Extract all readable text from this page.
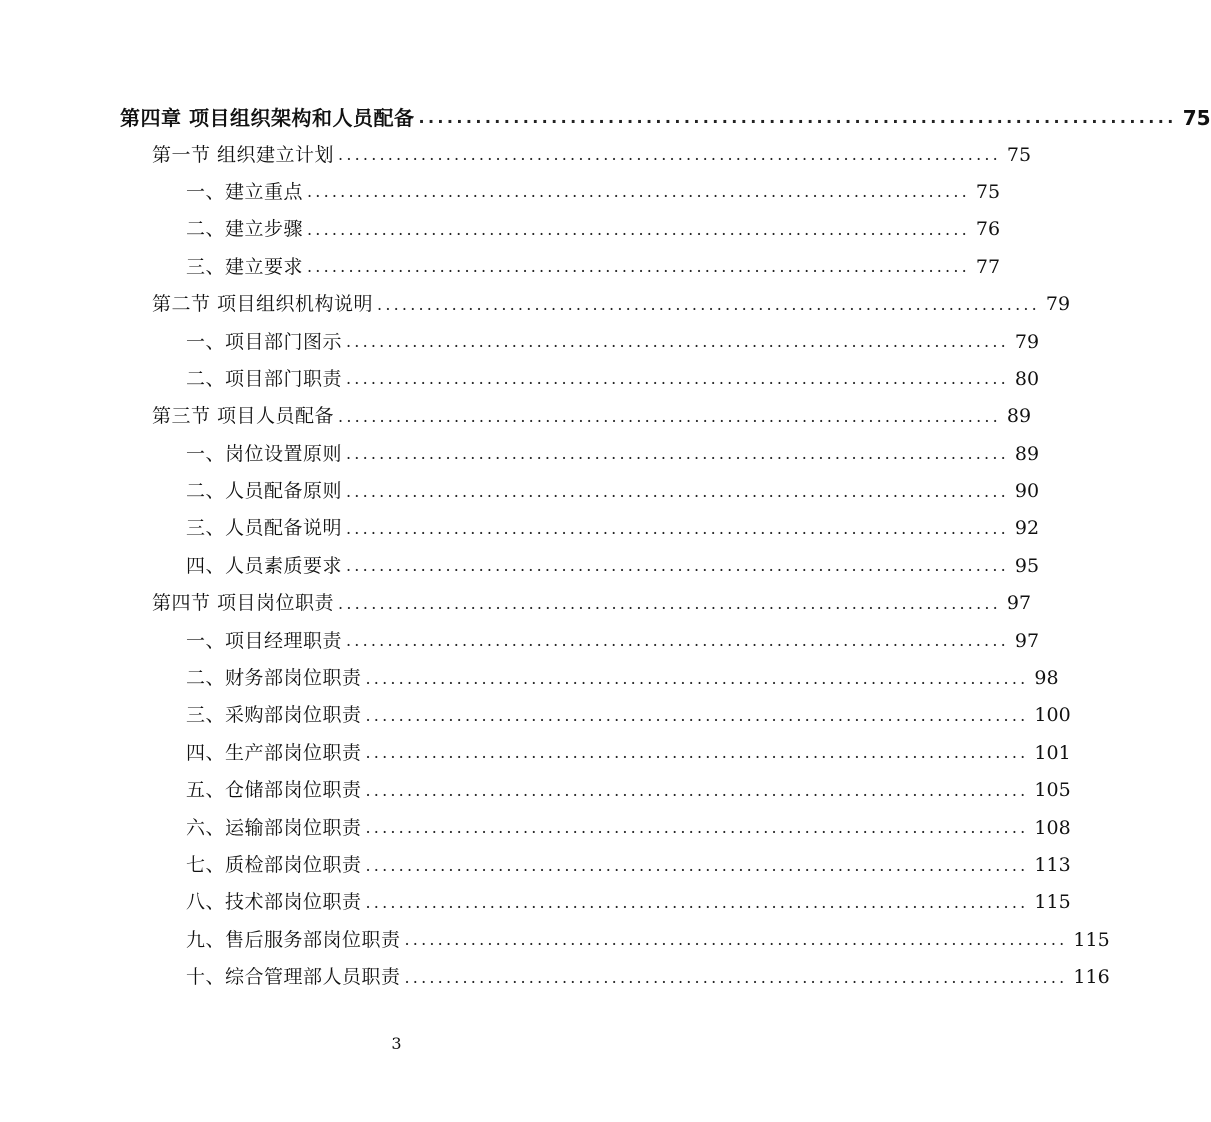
第四章 项目组织架构和人员配备 ................................................................................ 75
第一节 组织建立计划 ................................................................................ 75
一、建立重点 ................................................................................ 75
二、建立步骤 ................................................................................ 76
三、建立要求 ................................................................................ 77
第二节 项目组织机构说明 ................................................................................ 79
一、项目部门图示 ................................................................................ 79
二、项目部门职责 ................................................................................ 80
第三节 项目人员配备 ................................................................................ 89
一、岗位设置原则 ................................................................................ 89
二、人员配备原则 ................................................................................ 90
三、人员配备说明 ................................................................................ 92
四、人员素质要求 ................................................................................ 95
第四节 项目岗位职责 ................................................................................ 97
一、项目经理职责 ................................................................................ 97
二、财务部岗位职责 ................................................................................ 98
三、采购部岗位职责 ................................................................................ 100
四、生产部岗位职责 ................................................................................ 101
五、仓储部岗位职责 ................................................................................ 105
六、运输部岗位职责 ................................................................................ 108
七、质检部岗位职责 ................................................................................ 113
八、技术部岗位职责 ................................................................................ 115
九、售后服务部岗位职责 ................................................................................ 115
十、综合管理部人员职责 ................................................................................ 116
3
